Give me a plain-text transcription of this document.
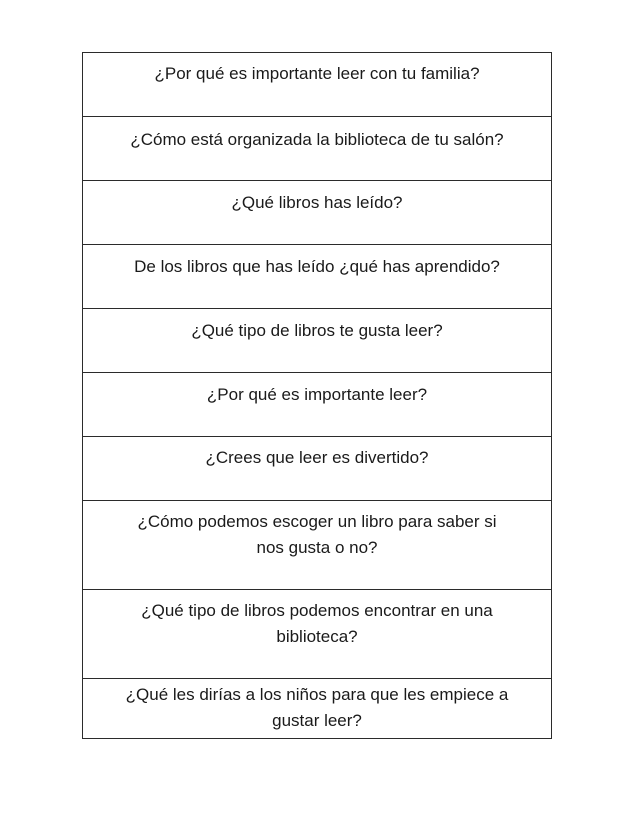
¿Por qué es importante leer con tu familia?
¿Cómo está organizada la biblioteca de tu salón?
¿Qué libros has leído?
De los libros que has leído ¿qué has aprendido?
¿Qué tipo de libros te gusta leer?
¿Por qué es importante leer?
¿Crees que leer es divertido?
¿Cómo podemos escoger un libro para saber si
nos gusta o no?
¿Qué tipo de libros podemos encontrar en una
biblioteca?
¿Qué les dirías a los niños para que les empiece a
gustar leer?
